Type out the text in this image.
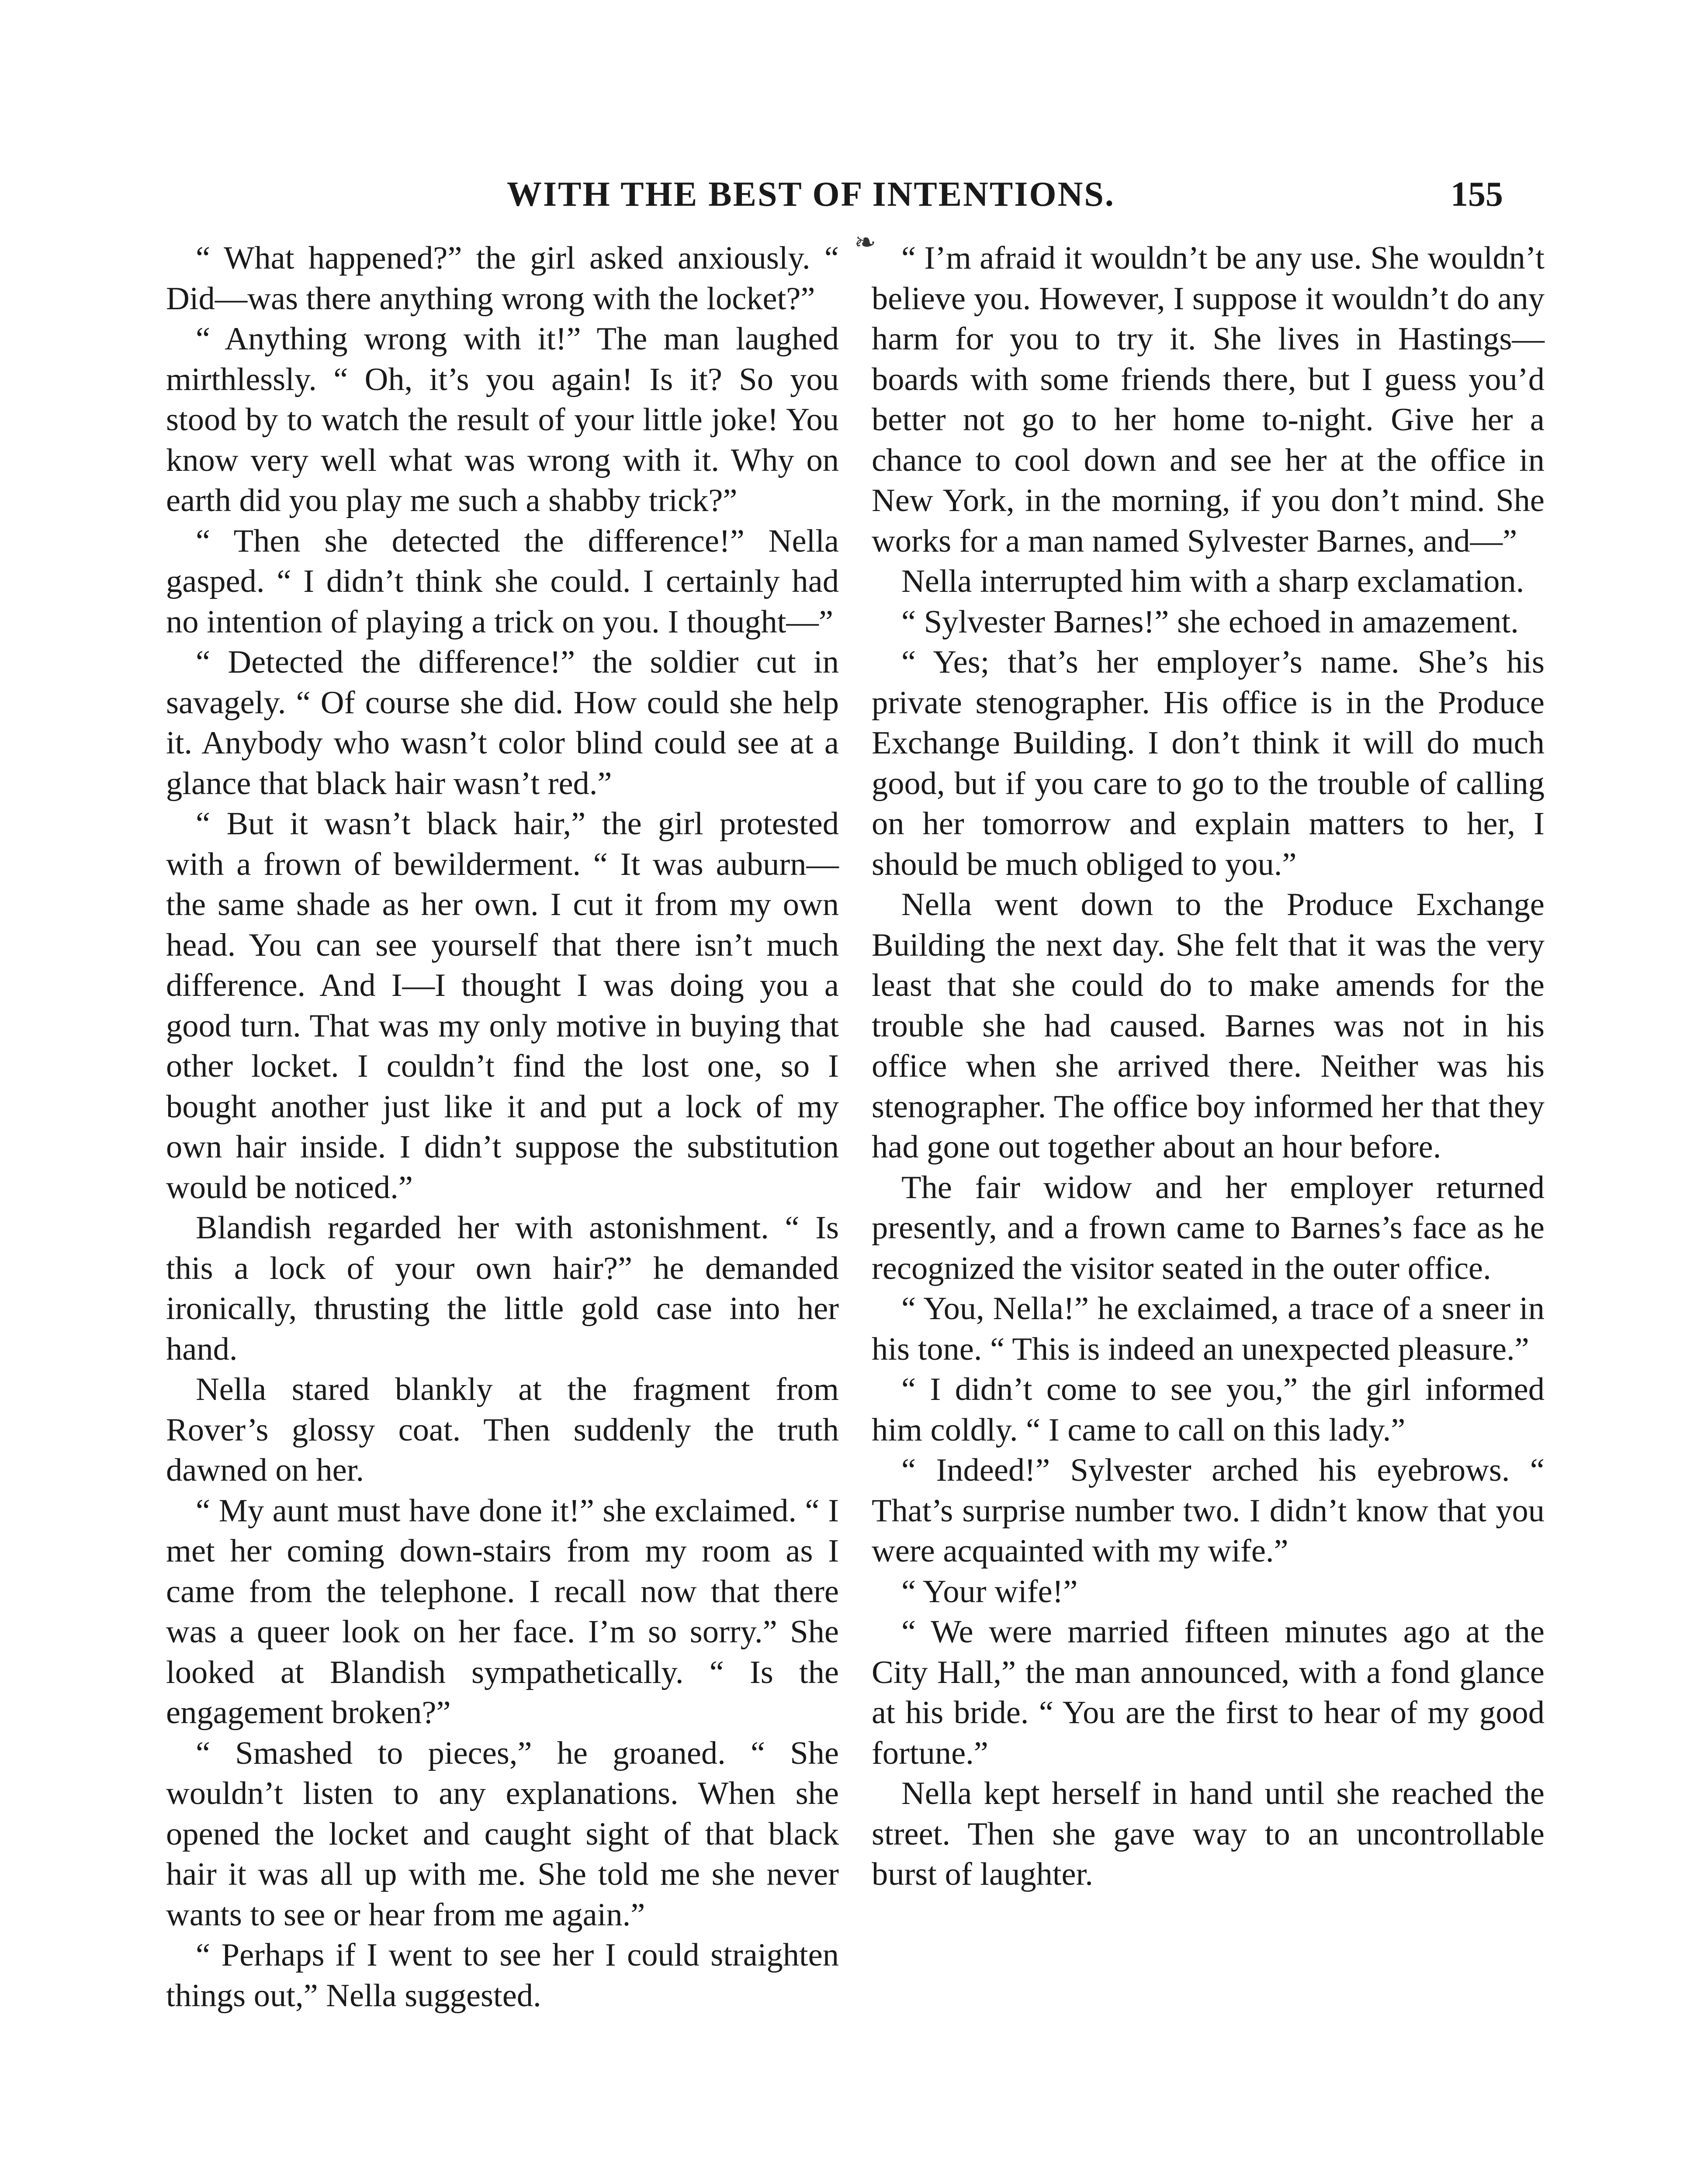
WITH THE BEST OF INTENTIONS.	155
❧

“ What happened?” the girl asked anxiously. “ Did—was there anything wrong with the locket?”

“ Anything wrong with it!” The man laughed mirthlessly. “ Oh, it’s you again! Is it? So you stood by to watch the result of your little joke! You know very well what was wrong with it. Why on earth did you play me such a shabby trick?”

“ Then she detected the difference!” Nella gasped. “ I didn’t think she could. I certainly had no intention of playing a trick on you. I thought—”

“ Detected the difference!” the soldier cut in savagely. “ Of course she did. How could she help it. Anybody who wasn’t color blind could see at a glance that black hair wasn’t red.”

“ But it wasn’t black hair,” the girl protested with a frown of bewilderment. “ It was auburn—the same shade as her own. I cut it from my own head. You can see yourself that there isn’t much difference. And I—I thought I was doing you a good turn. That was my only motive in buying that other locket. I couldn’t find the lost one, so I bought another just like it and put a lock of my own hair inside. I didn’t suppose the substitution would be noticed.”

Blandish regarded her with astonishment. “ Is this a lock of your own hair?” he demanded ironically, thrusting the little gold case into her hand.

Nella stared blankly at the fragment from Rover’s glossy coat. Then suddenly the truth dawned on her.

“ My aunt must have done it!” she exclaimed. “ I met her coming down-stairs from my room as I came from the telephone. I recall now that there was a queer look on her face. I’m so sorry.” She looked at Blandish sympathetically. “ Is the engagement broken?”

“ Smashed to pieces,” he groaned. “ She wouldn’t listen to any explanations. When she opened the locket and caught sight of that black hair it was all up with me. She told me she never wants to see or hear from me again.”

“ Perhaps if I went to see her I could straighten things out,” Nella suggested.

“ I’m afraid it wouldn’t be any use. She wouldn’t believe you. However, I suppose it wouldn’t do any harm for you to try it. She lives in Hastings—boards with some friends there, but I guess you’d better not go to her home to-night. Give her a chance to cool down and see her at the office in New York, in the morning, if you don’t mind. She works for a man named Sylvester Barnes, and—”

Nella interrupted him with a sharp exclamation.

“ Sylvester Barnes!” she echoed in amazement.

“ Yes; that’s her employer’s name. She’s his private stenographer. His office is in the Produce Exchange Building. I don’t think it will do much good, but if you care to go to the trouble of calling on her tomorrow and explain matters to her, I should be much obliged to you.”

Nella went down to the Produce Exchange Building the next day. She felt that it was the very least that she could do to make amends for the trouble she had caused. Barnes was not in his office when she arrived there. Neither was his stenographer. The office boy informed her that they had gone out together about an hour before.

The fair widow and her employer returned presently, and a frown came to Barnes’s face as he recognized the visitor seated in the outer office.

“ You, Nella!” he exclaimed, a trace of a sneer in his tone. “ This is indeed an unexpected pleasure.”

“ I didn’t come to see you,” the girl informed him coldly. “ I came to call on this lady.”

“ Indeed!” Sylvester arched his eyebrows. “ That’s surprise number two. I didn’t know that you were acquainted with my wife.”

“ Your wife!”

“ We were married fifteen minutes ago at the City Hall,” the man announced, with a fond glance at his bride. “ You are the first to hear of my good fortune.”

Nella kept herself in hand until she reached the street. Then she gave way to an uncontrollable burst of laughter.
